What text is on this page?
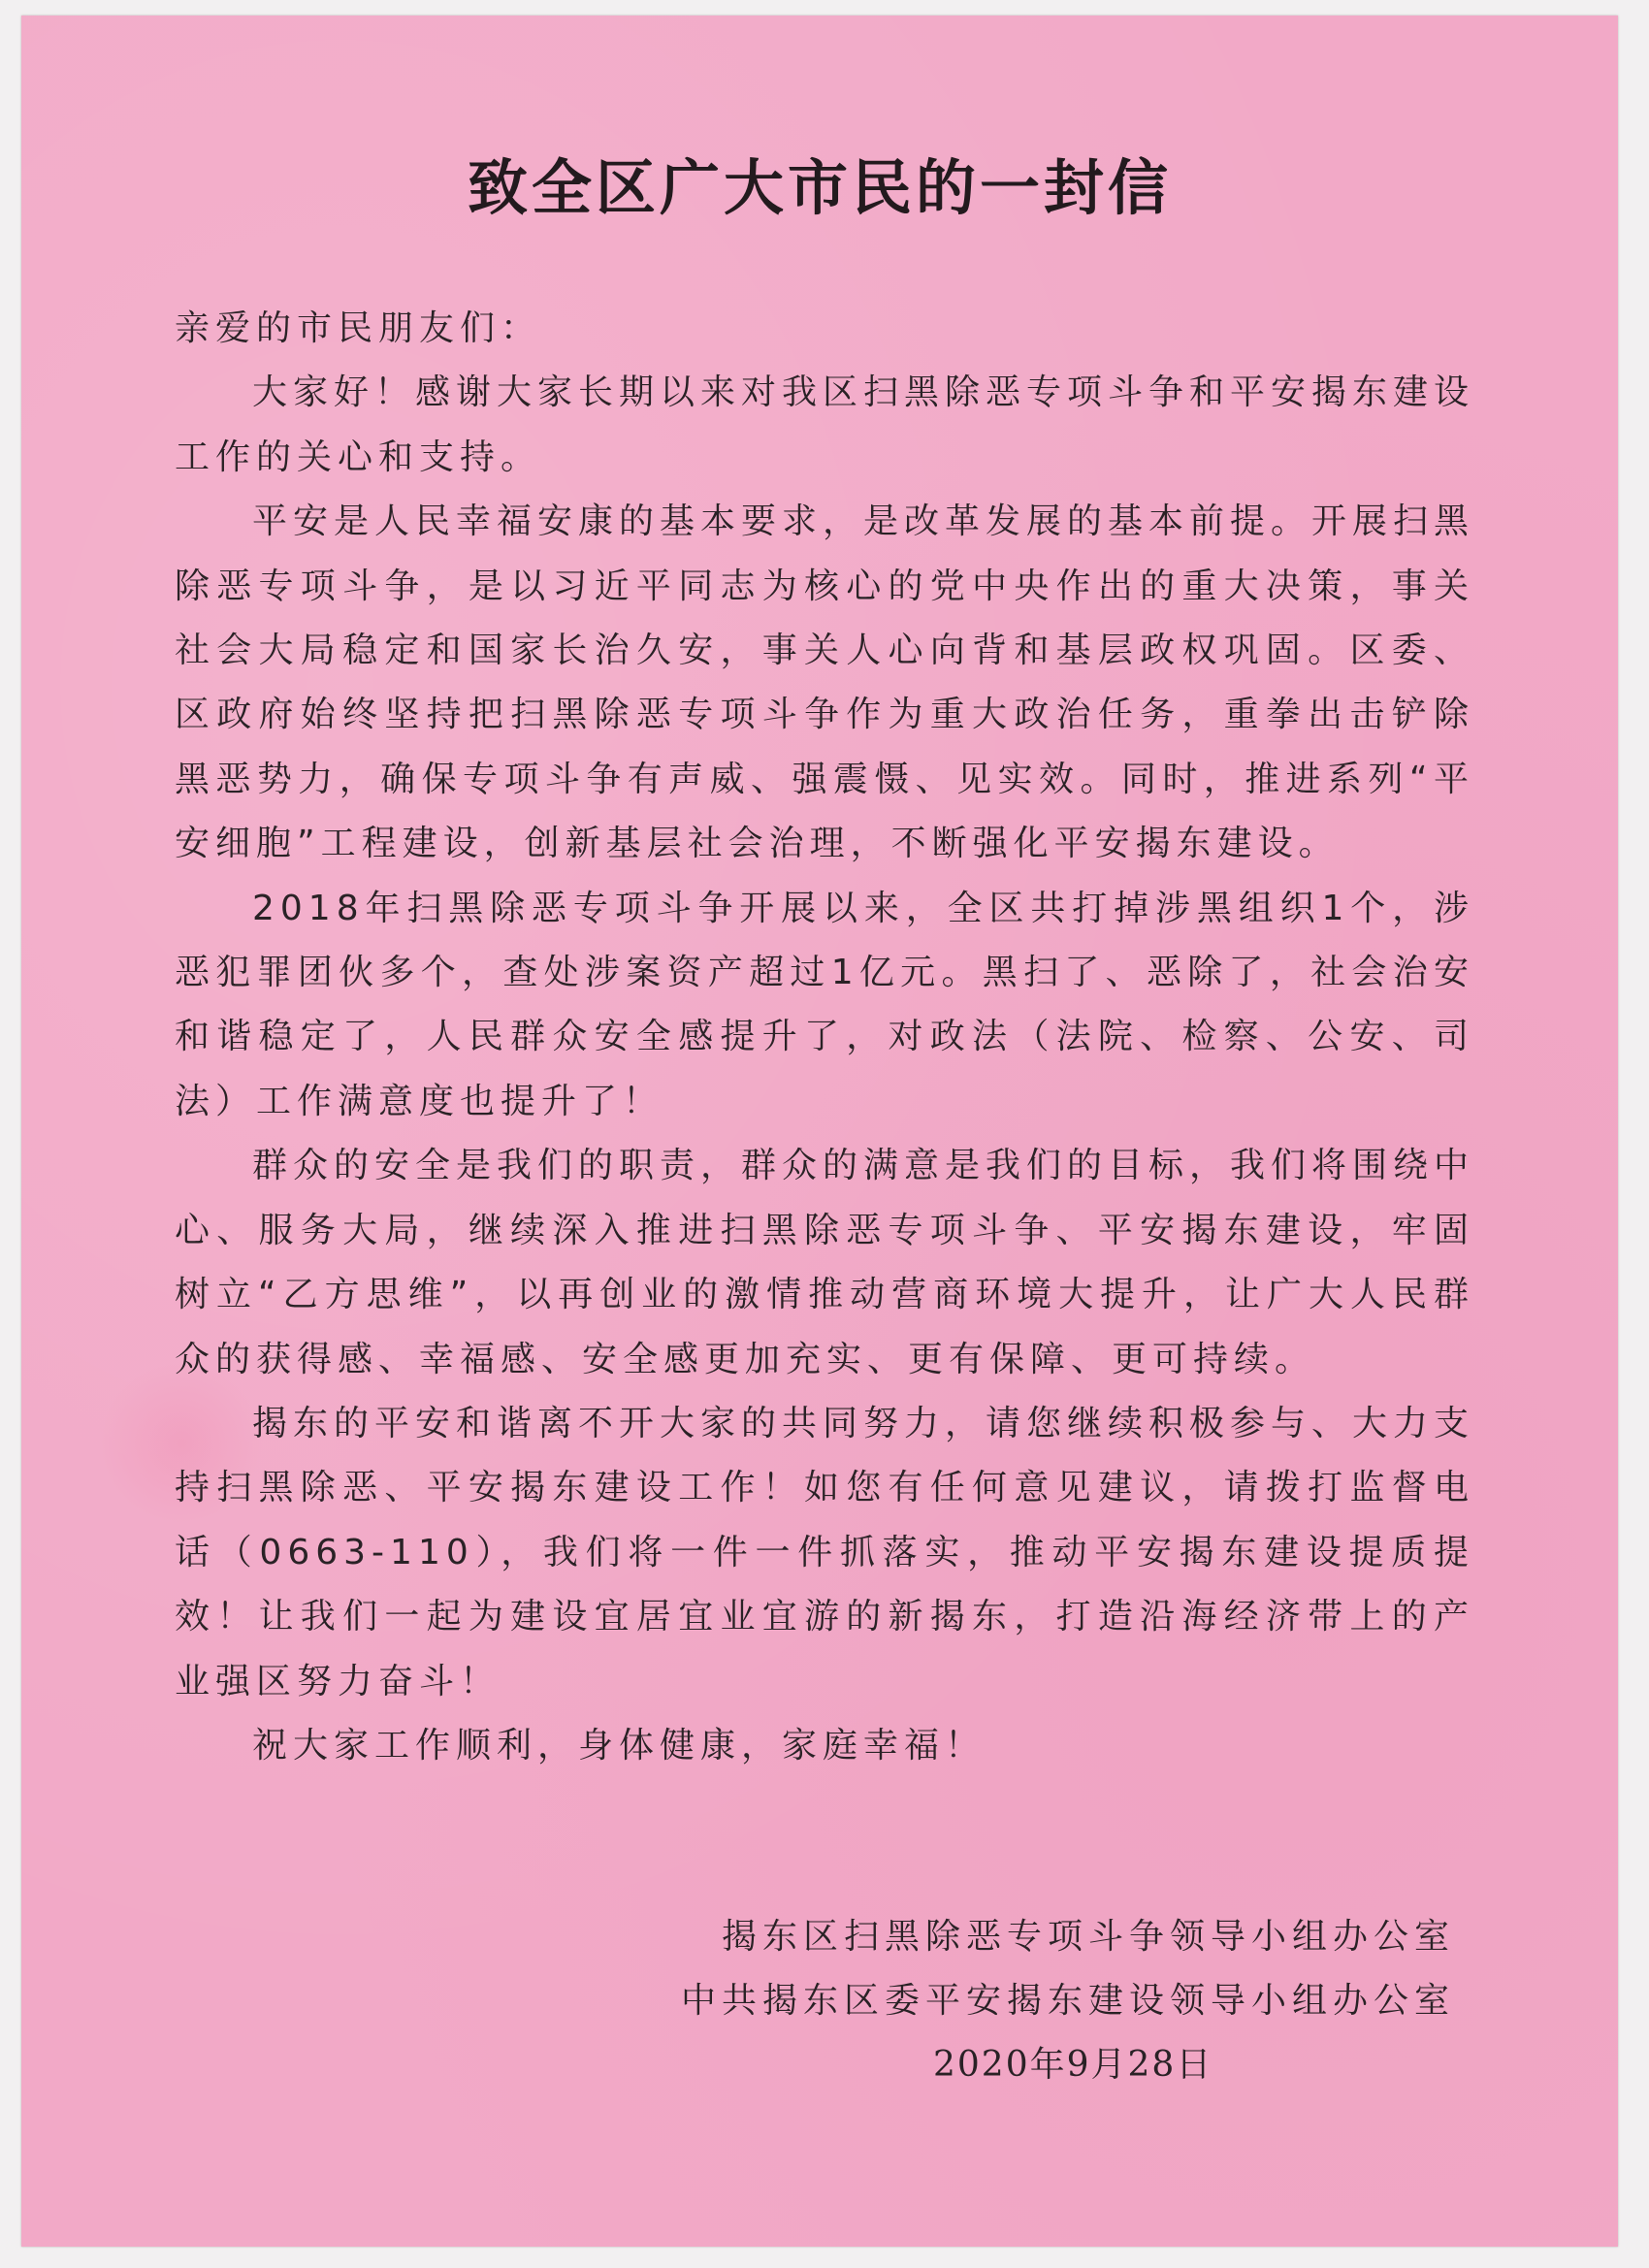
致全区广大市民的一封信

亲爱的市民朋友们：

大家好！感谢大家长期以来对我区扫黑除恶专项斗争和平安揭东建设工作的关心和支持。

平安是人民幸福安康的基本要求，是改革发展的基本前提。开展扫黑除恶专项斗争，是以习近平同志为核心的党中央作出的重大决策，事关社会大局稳定和国家长治久安，事关人心向背和基层政权巩固。区委、区政府始终坚持把扫黑除恶专项斗争作为重大政治任务，重拳出击铲除黑恶势力，确保专项斗争有声威、强震慑、见实效。同时，推进系列“平安细胞”工程建设，创新基层社会治理，不断强化平安揭东建设。

2018年扫黑除恶专项斗争开展以来，全区共打掉涉黑组织1个，涉恶犯罪团伙多个，查处涉案资产超过1亿元。黑扫了、恶除了，社会治安和谐稳定了，人民群众安全感提升了，对政法（法院、检察、公安、司法）工作满意度也提升了！

群众的安全是我们的职责，群众的满意是我们的目标，我们将围绕中心、服务大局，继续深入推进扫黑除恶专项斗争、平安揭东建设，牢固树立“乙方思维”，以再创业的激情推动营商环境大提升，让广大人民群众的获得感、幸福感、安全感更加充实、更有保障、更可持续。

揭东的平安和谐离不开大家的共同努力，请您继续积极参与、大力支持扫黑除恶、平安揭东建设工作！如您有任何意见建议，请拨打监督电话（0663-110），我们将一件一件抓落实，推动平安揭东建设提质提效！让我们一起为建设宜居宜业宜游的新揭东，打造沿海经济带上的产业强区努力奋斗！

祝大家工作顺利，身体健康，家庭幸福！

揭东区扫黑除恶专项斗争领导小组办公室
中共揭东区委平安揭东建设领导小组办公室
2020年9月28日
